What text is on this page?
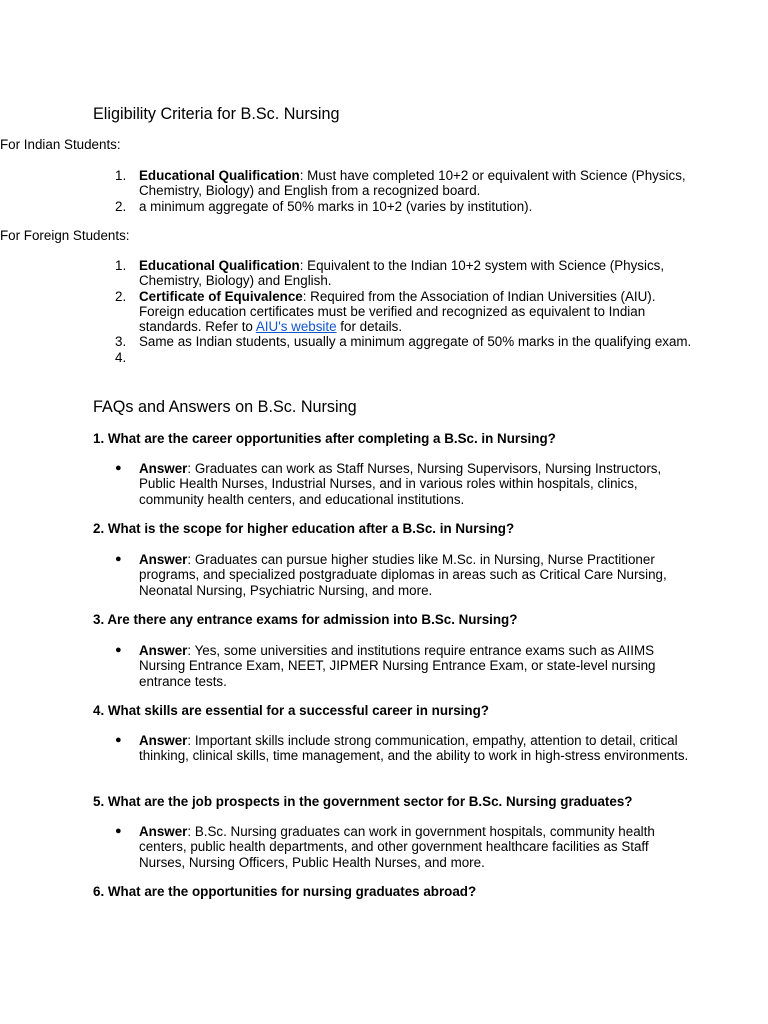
Eligibility Criteria for B.Sc. Nursing
For Indian Students:
1. Educational Qualification: Must have completed 10+2 or equivalent with Science (Physics, Chemistry, Biology) and English from a recognized board.
2. a minimum aggregate of 50% marks in 10+2 (varies by institution).
For Foreign Students:
1. Educational Qualification: Equivalent to the Indian 10+2 system with Science (Physics, Chemistry, Biology) and English.
2. Certificate of Equivalence: Required from the Association of Indian Universities (AIU). Foreign education certificates must be verified and recognized as equivalent to Indian standards. Refer to AIU's website for details.
3. Same as Indian students, usually a minimum aggregate of 50% marks in the qualifying exam.
4.
FAQs and Answers on B.Sc. Nursing
1. What are the career opportunities after completing a B.Sc. in Nursing?
● Answer: Graduates can work as Staff Nurses, Nursing Supervisors, Nursing Instructors, Public Health Nurses, Industrial Nurses, and in various roles within hospitals, clinics, community health centers, and educational institutions.
2. What is the scope for higher education after a B.Sc. in Nursing?
● Answer: Graduates can pursue higher studies like M.Sc. in Nursing, Nurse Practitioner programs, and specialized postgraduate diplomas in areas such as Critical Care Nursing, Neonatal Nursing, Psychiatric Nursing, and more.
3. Are there any entrance exams for admission into B.Sc. Nursing?
● Answer: Yes, some universities and institutions require entrance exams such as AIIMS Nursing Entrance Exam, NEET, JIPMER Nursing Entrance Exam, or state-level nursing entrance tests.
4. What skills are essential for a successful career in nursing?
● Answer: Important skills include strong communication, empathy, attention to detail, critical thinking, clinical skills, time management, and the ability to work in high-stress environments.
5. What are the job prospects in the government sector for B.Sc. Nursing graduates?
● Answer: B.Sc. Nursing graduates can work in government hospitals, community health centers, public health departments, and other government healthcare facilities as Staff Nurses, Nursing Officers, Public Health Nurses, and more.
6. What are the opportunities for nursing graduates abroad?
